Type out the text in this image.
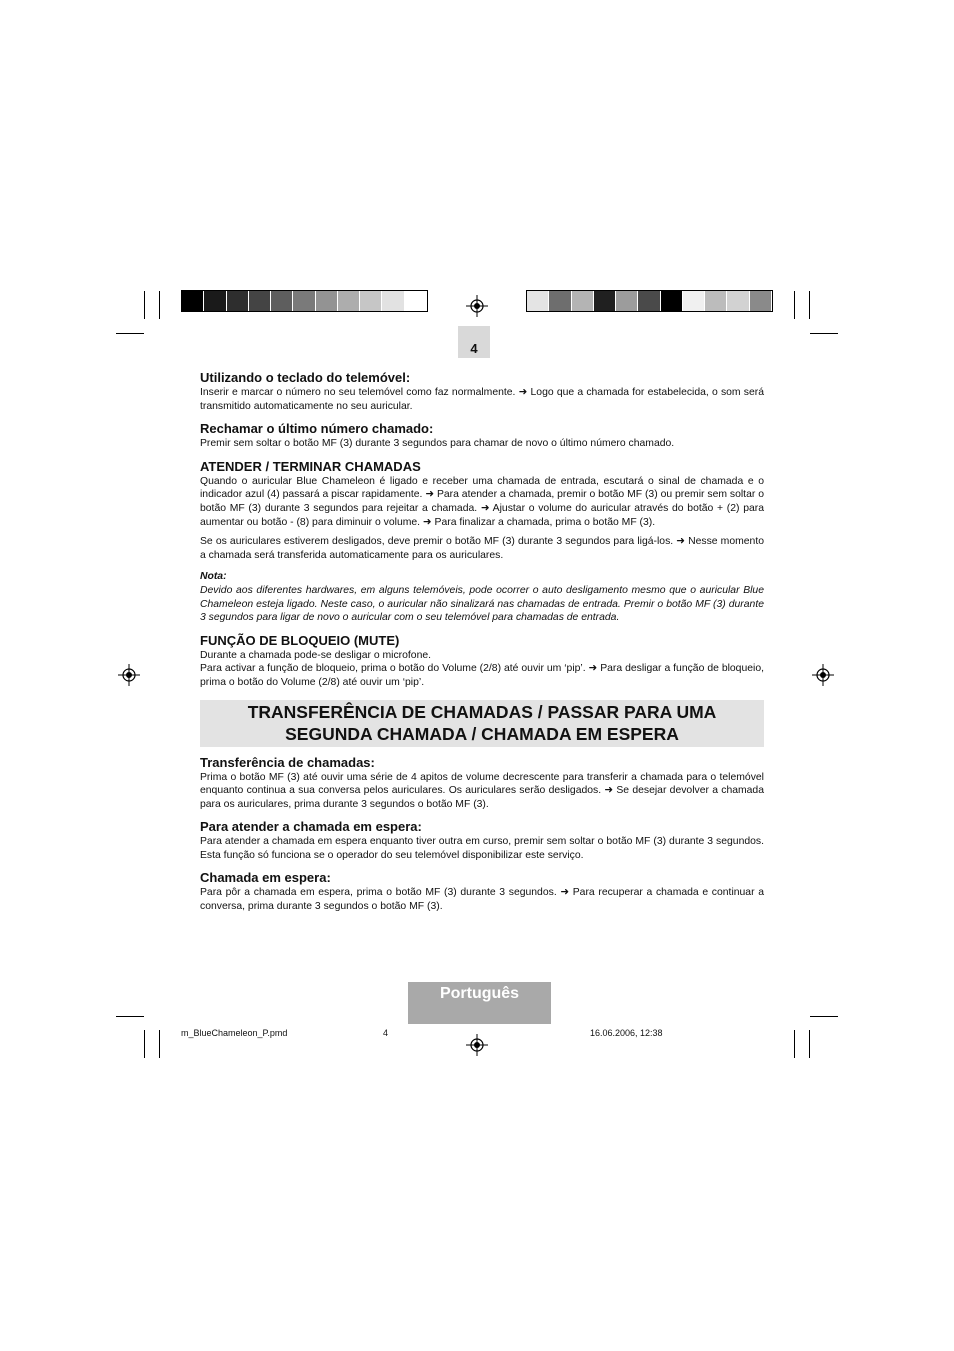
4

Utilizando o teclado do telemóvel:

Inserir e marcar o número no seu telemóvel como faz normalmente. ➜ Logo que a chamada for estabelecida, o som será transmitido automaticamente no seu auricular.

Rechamar o último número chamado:

Premir sem soltar o botão MF (3) durante 3 segundos para chamar de novo o último número chamado.

ATENDER / TERMINAR CHAMADAS

Quando o auricular Blue Chameleon é ligado e receber uma chamada de entrada, escutará o sinal de chamada e o indicador azul (4) passará a piscar rapidamente. ➜ Para atender a chamada, premir o botão MF (3) ou premir sem soltar o botão MF (3) durante 3 segundos para rejeitar a chamada. ➜ Ajustar o volume do auricular através do botão + (2) para aumentar ou botão - (8) para diminuir o volume. ➜ Para finalizar a chamada, prima o botão MF (3).

Se os auriculares estiverem desligados, deve premir o botão MF (3) durante 3 segundos para ligá-los. ➜ Nesse momento a chamada será transferida automaticamente para os auriculares.

Nota:

Devido aos diferentes hardwares, em alguns telemóveis, pode ocorrer o auto desligamento mesmo que o auricular Blue Chameleon esteja ligado. Neste caso, o auricular não sinalizará nas chamadas de entrada. Premir o botão MF (3) durante 3 segundos para ligar de novo o auricular com o seu telemóvel para chamadas de entrada.

FUNÇÃO DE BLOQUEIO (MUTE)

Durante a chamada pode-se desligar o microfone.

Para activar a função de bloqueio, prima o botão do Volume (2/8) até ouvir um ‘pip’. ➜ Para desligar a função de bloqueio, prima o botão do Volume (2/8) até ouvir um ‘pip’.

TRANSFERÊNCIA DE CHAMADAS / PASSAR PARA UMA
SEGUNDA CHAMADA / CHAMADA EM ESPERA

Transferência de chamadas:

Prima o botão MF (3) até ouvir uma série de 4 apitos de volume decrescente para transferir a chamada para o telemóvel enquanto continua a sua conversa pelos auriculares. Os auriculares serão desligados. ➜ Se desejar devolver a chamada para os auriculares, prima durante 3 segundos o botão MF (3).

Para atender a chamada em espera:

Para atender a chamada em espera enquanto tiver outra em curso, premir sem soltar o botão MF (3) durante 3 segundos. Esta função só funciona se o operador do seu telemóvel disponibilizar este serviço.

Chamada em espera:

Para pôr a chamada em espera, prima o botão MF (3) durante 3 segundos. ➜ Para recuperar a chamada e continuar a conversa, prima durante 3 segundos o botão MF (3).

Português
m_BlueChameleon_P.pmd	4	16.06.2006, 12:38
